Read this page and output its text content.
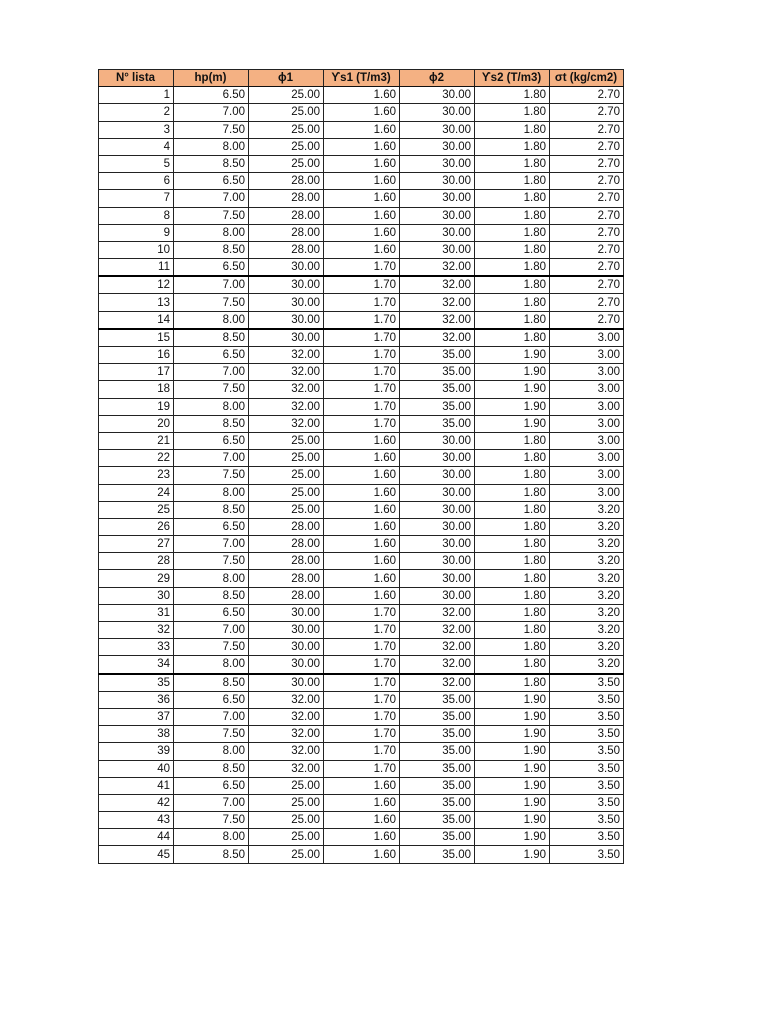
N° lista	hp(m)	ϕ1	ϒs1 (T/m3)	ϕ2	ϒs2 (T/m3)	σt (kg/cm2)
1	6.50	25.00	1.60	30.00	1.80	2.70
2	7.00	25.00	1.60	30.00	1.80	2.70
3	7.50	25.00	1.60	30.00	1.80	2.70
4	8.00	25.00	1.60	30.00	1.80	2.70
5	8.50	25.00	1.60	30.00	1.80	2.70
6	6.50	28.00	1.60	30.00	1.80	2.70
7	7.00	28.00	1.60	30.00	1.80	2.70
8	7.50	28.00	1.60	30.00	1.80	2.70
9	8.00	28.00	1.60	30.00	1.80	2.70
10	8.50	28.00	1.60	30.00	1.80	2.70
11	6.50	30.00	1.70	32.00	1.80	2.70
12	7.00	30.00	1.70	32.00	1.80	2.70
13	7.50	30.00	1.70	32.00	1.80	2.70
14	8.00	30.00	1.70	32.00	1.80	2.70
15	8.50	30.00	1.70	32.00	1.80	3.00
16	6.50	32.00	1.70	35.00	1.90	3.00
17	7.00	32.00	1.70	35.00	1.90	3.00
18	7.50	32.00	1.70	35.00	1.90	3.00
19	8.00	32.00	1.70	35.00	1.90	3.00
20	8.50	32.00	1.70	35.00	1.90	3.00
21	6.50	25.00	1.60	30.00	1.80	3.00
22	7.00	25.00	1.60	30.00	1.80	3.00
23	7.50	25.00	1.60	30.00	1.80	3.00
24	8.00	25.00	1.60	30.00	1.80	3.00
25	8.50	25.00	1.60	30.00	1.80	3.20
26	6.50	28.00	1.60	30.00	1.80	3.20
27	7.00	28.00	1.60	30.00	1.80	3.20
28	7.50	28.00	1.60	30.00	1.80	3.20
29	8.00	28.00	1.60	30.00	1.80	3.20
30	8.50	28.00	1.60	30.00	1.80	3.20
31	6.50	30.00	1.70	32.00	1.80	3.20
32	7.00	30.00	1.70	32.00	1.80	3.20
33	7.50	30.00	1.70	32.00	1.80	3.20
34	8.00	30.00	1.70	32.00	1.80	3.20
35	8.50	30.00	1.70	32.00	1.80	3.50
36	6.50	32.00	1.70	35.00	1.90	3.50
37	7.00	32.00	1.70	35.00	1.90	3.50
38	7.50	32.00	1.70	35.00	1.90	3.50
39	8.00	32.00	1.70	35.00	1.90	3.50
40	8.50	32.00	1.70	35.00	1.90	3.50
41	6.50	25.00	1.60	35.00	1.90	3.50
42	7.00	25.00	1.60	35.00	1.90	3.50
43	7.50	25.00	1.60	35.00	1.90	3.50
44	8.00	25.00	1.60	35.00	1.90	3.50
45	8.50	25.00	1.60	35.00	1.90	3.50
